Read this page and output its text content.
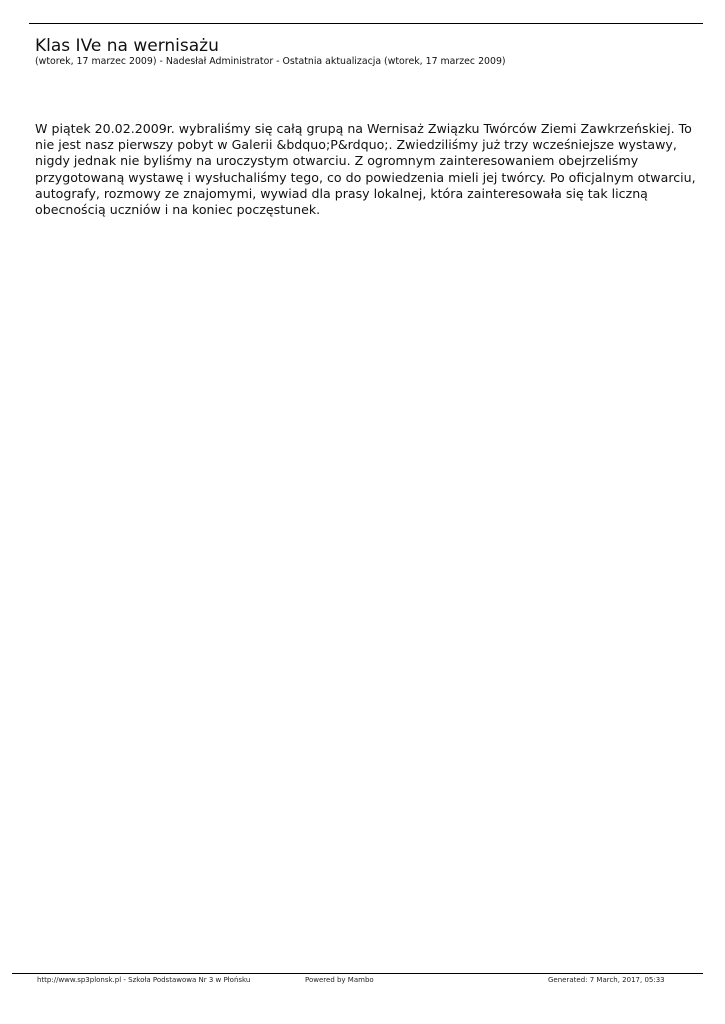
Klas IVe na wernisażu
(wtorek, 17 marzec 2009) - Nadesłał Administrator - Ostatnia aktualizacja (wtorek, 17 marzec 2009)
W piątek 20.02.2009r. wybraliśmy się całą grupą na Wernisaż Związku Twórców Ziemi Zawkrzeńskiej. To
nie jest nasz pierwszy pobyt w Galerii &bdquo;P&rdquo;. Zwiedziliśmy już trzy wcześniejsze wystawy,
nigdy jednak nie byliśmy na uroczystym otwarciu. Z ogromnym zainteresowaniem obejrzeliśmy
przygotowaną wystawę i wysłuchaliśmy tego, co do powiedzenia mieli jej twórcy. Po oficjalnym otwarciu,
autografy, rozmowy ze znajomymi, wywiad dla prasy lokalnej, która zainteresowała się tak liczną
obecnością uczniów i na koniec poczęstunek.
http://www.sp3plonsk.pl - Szkoła Podstawowa Nr 3 w Płońsku	Powered by Mambo	Generated: 7 March, 2017, 05:33
